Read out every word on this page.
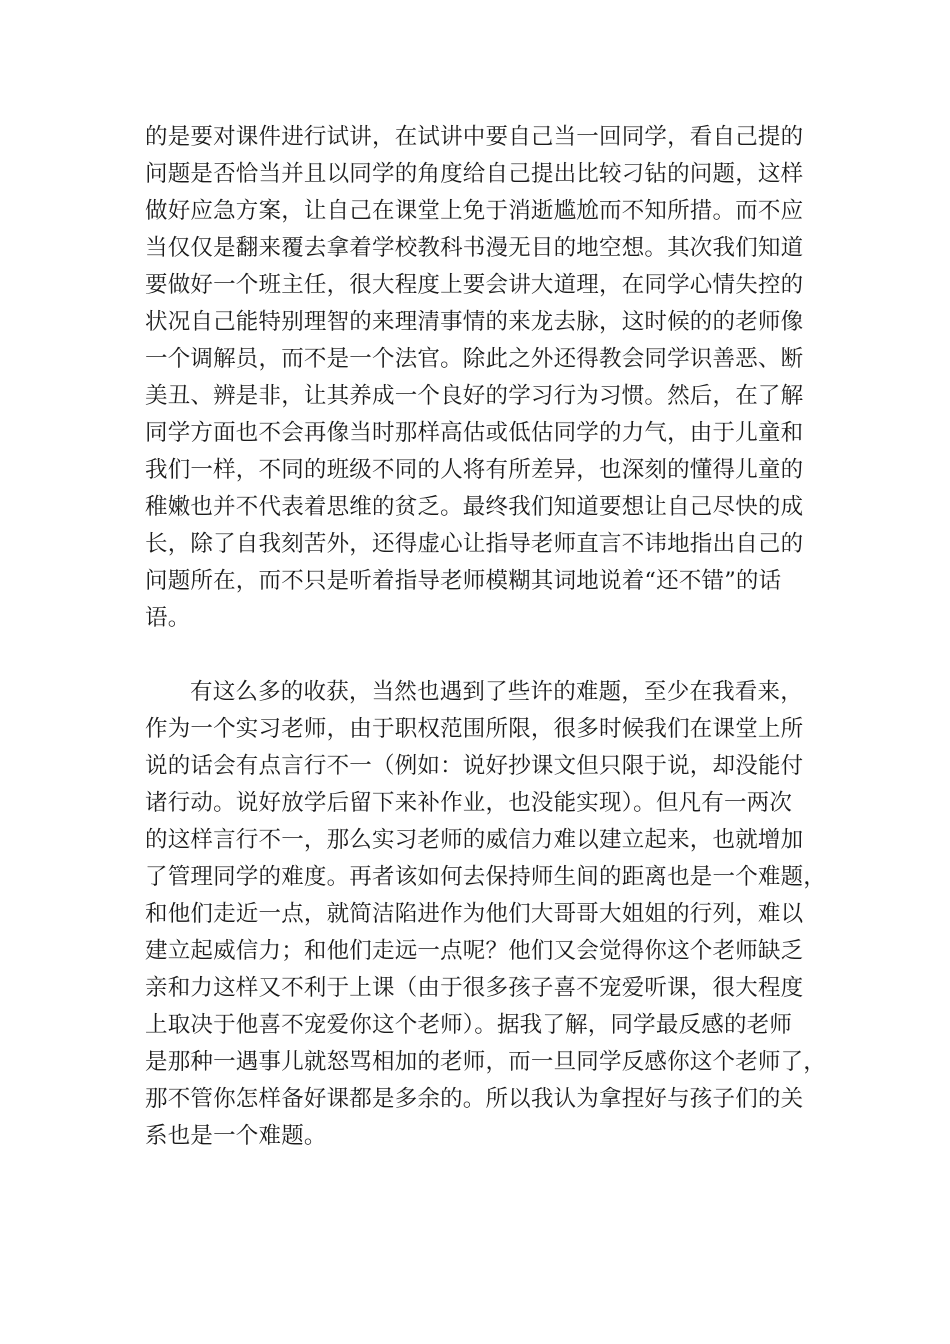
的是要对课件进行试讲，在试讲中要自己当一回同学，看自己提的
问题是否恰当并且以同学的角度给自己提出比较刁钻的问题，这样
做好应急方案，让自己在课堂上免于消逝尴尬而不知所措。而不应
当仅仅是翻来覆去拿着学校教科书漫无目的地空想。其次我们知道
要做好一个班主任，很大程度上要会讲大道理，在同学心情失控的
状况自己能特别理智的来理清事情的来龙去脉，这时候的的老师像
一个调解员，而不是一个法官。除此之外还得教会同学识善恶、断
美丑、辨是非，让其养成一个良好的学习行为习惯。然后，在了解
同学方面也不会再像当时那样高估或低估同学的力气，由于儿童和
我们一样，不同的班级不同的人将有所差异，也深刻的懂得儿童的
稚嫩也并不代表着思维的贫乏。最终我们知道要想让自己尽快的成
长，除了自我刻苦外，还得虚心让指导老师直言不讳地指出自己的
问题所在，而不只是听着指导老师模糊其词地说着“还不错”的话
语。
有这么多的收获，当然也遇到了些许的难题，至少在我看来，
作为一个实习老师，由于职权范围所限，很多时候我们在课堂上所
说的话会有点言行不一（例如：说好抄课文但只限于说，却没能付
诸行动。说好放学后留下来补作业，也没能实现）。但凡有一两次
的这样言行不一，那么实习老师的威信力难以建立起来，也就增加
了管理同学的难度。再者该如何去保持师生间的距离也是一个难题，
和他们走近一点，就简洁陷进作为他们大哥哥大姐姐的行列，难以
建立起威信力；和他们走远一点呢？他们又会觉得你这个老师缺乏
亲和力这样又不利于上课（由于很多孩子喜不宠爱听课，很大程度
上取决于他喜不宠爱你这个老师）。据我了解，同学最反感的老师
是那种一遇事儿就怒骂相加的老师，而一旦同学反感你这个老师了，
那不管你怎样备好课都是多余的。所以我认为拿捏好与孩子们的关
系也是一个难题。
